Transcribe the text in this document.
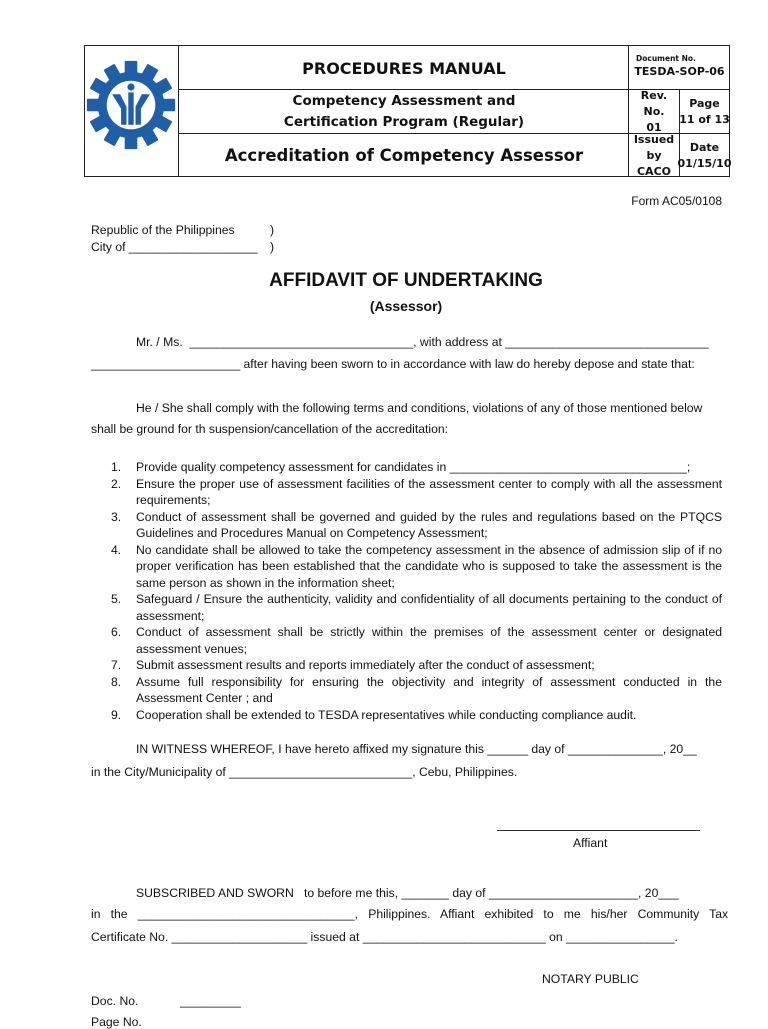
PROCEDURES MANUAL
Competency Assessment and
Certification Program (Regular)
Accreditation of Competency Assessor
Document No.
TESDA-SOP-06
Rev. No.
01
Page
11 of 13
Issued by
CACO
Date
01/15/10
Form AC05/0108
Republic of the Philippines	)
City of ___________________ )
AFFIDAVIT OF UNDERTAKING
(Assessor)
Mr. / Ms.  _________________________________, with address at ______________________________
______________________ after having been sworn to in accordance with law do hereby depose and state that:
He / She shall comply with the following terms and conditions, violations of any of those mentioned below
shall be ground for th suspension/cancellation of the accreditation:
1. Provide quality competency assessment for candidates in ___________________________________;
2. Ensure the proper use of assessment facilities of the assessment center to comply with all the assessment requirements;
3. Conduct of assessment shall be governed and guided by the rules and regulations based on the PTQCS Guidelines and Procedures Manual on Competency Assessment;
4. No candidate shall be allowed to take the competency assessment in the absence of admission slip of if no proper verification has been established that the candidate who is supposed to take the assessment is the same person as shown in the information sheet;
5. Safeguard / Ensure the authenticity, validity and confidentiality of all documents pertaining to the conduct of assessment;
6. Conduct of assessment shall be strictly within the premises of the assessment center or designated assessment venues;
7. Submit assessment results and reports immediately after the conduct of assessment;
8. Assume full responsibility for ensuring the objectivity and integrity of assessment conducted in the Assessment Center ; and
9. Cooperation shall be extended to TESDA representatives while conducting compliance audit.
IN WITNESS WHEREOF, I have hereto affixed my signature this ______ day of ______________, 20__
in the City/Municipality of ___________________________, Cebu, Philippines.
Affiant
SUBSCRIBED AND SWORN   to before me this, _______ day of ______________________, 20___
in   the   ________________________________,   Philippines.   Affiant   exhibited   to   me   his/her   Community   Tax
Certificate No. ____________________ issued at ___________________________ on ________________.
NOTARY PUBLIC
Doc. No.	_________
Page No.
